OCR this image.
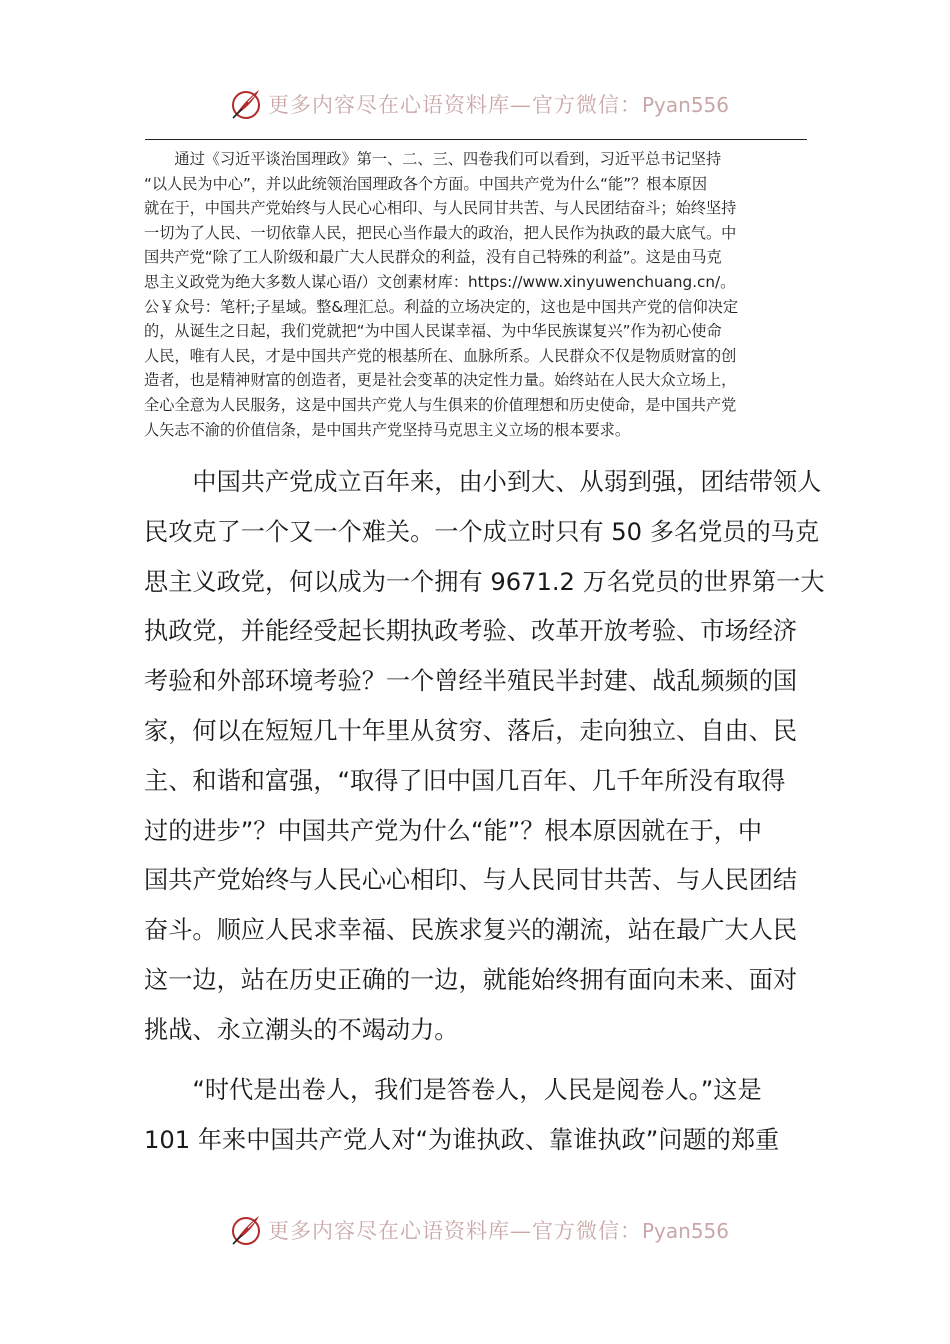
更多内容尽在心语资料库—官方微信：Pyan556
　　通过《习近平谈治国理政》第一、二、三、四卷我们可以看到，习近平总书记坚持
“以人民为中心”，并以此统领治国理政各个方面。中国共产党为什么“能”？根本原因
就在于，中国共产党始终与人民心心相印、与人民同甘共苦、与人民团结奋斗；始终坚持
一切为了人民、一切依靠人民，把民心当作最大的政治，把人民作为执政的最大底气。中
国共产党“除了工人阶级和最广大人民群众的利益，没有自己特殊的利益”。这是由马克
思主义政党为绝大多数人谋心语/）文创素材库：https://www.xinyuwenchuang.cn/。
公￥众号：笔杆;子星域。整&理汇总。利益的立场决定的，这也是中国共产党的信仰决定
的，从诞生之日起，我们党就把“为中国人民谋幸福、为中华民族谋复兴”作为初心使命
人民，唯有人民，才是中国共产党的根基所在、血脉所系。人民群众不仅是物质财富的创
造者，也是精神财富的创造者，更是社会变革的决定性力量。始终站在人民大众立场上，
全心全意为人民服务，这是中国共产党人与生俱来的价值理想和历史使命，是中国共产党
人矢志不渝的价值信条，是中国共产党坚持马克思主义立场的根本要求。
　　中国共产党成立百年来，由小到大、从弱到强，团结带领人
民攻克了一个又一个难关。一个成立时只有 50 多名党员的马克
思主义政党，何以成为一个拥有 9671.2 万名党员的世界第一大
执政党，并能经受起长期执政考验、改革开放考验、市场经济
考验和外部环境考验？一个曾经半殖民半封建、战乱频频的国
家，何以在短短几十年里从贫穷、落后，走向独立、自由、民
主、和谐和富强，“取得了旧中国几百年、几千年所没有取得
过的进步”？中国共产党为什么“能”？根本原因就在于，中
国共产党始终与人民心心相印、与人民同甘共苦、与人民团结
奋斗。顺应人民求幸福、民族求复兴的潮流，站在最广大人民
这一边，站在历史正确的一边，就能始终拥有面向未来、面对
挑战、永立潮头的不竭动力。
　　“时代是出卷人，我们是答卷人，人民是阅卷人。”这是
101 年来中国共产党人对“为谁执政、靠谁执政”问题的郑重
更多内容尽在心语资料库—官方微信：Pyan556
